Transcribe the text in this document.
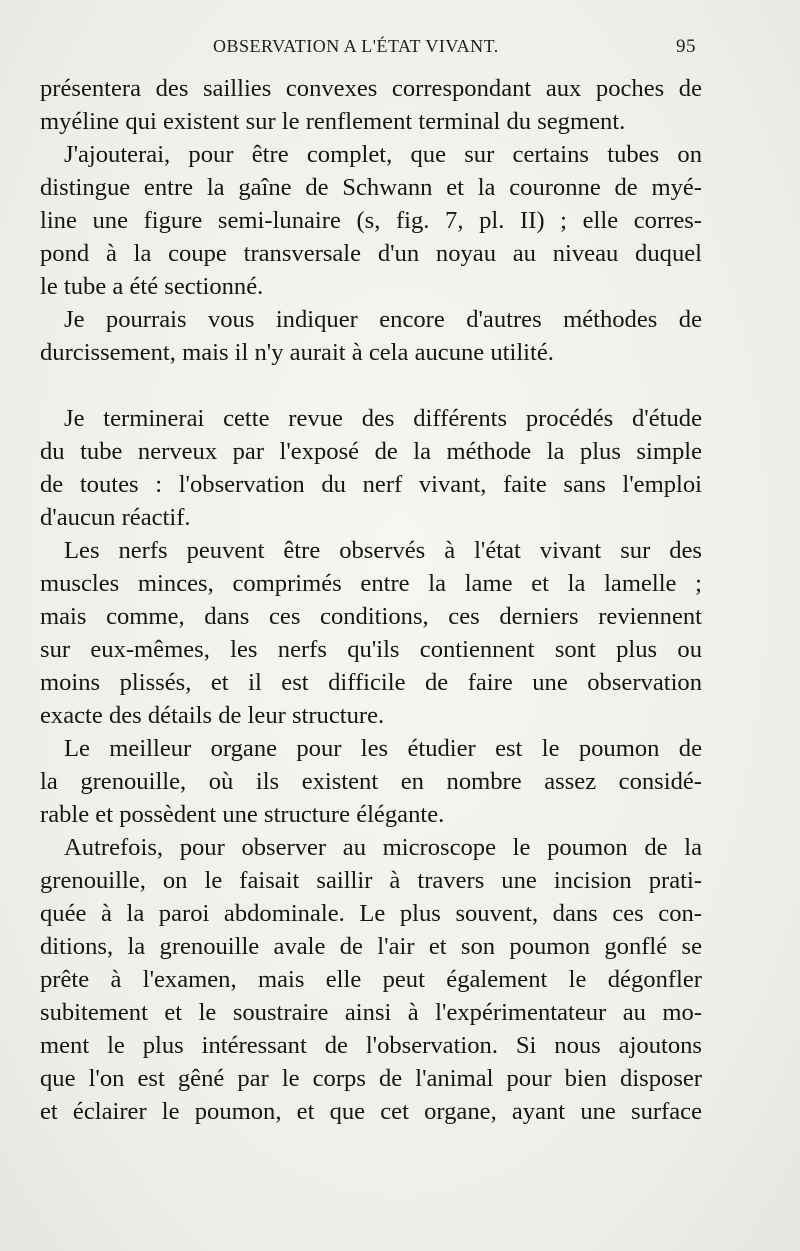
OBSERVATION A L'ÉTAT VIVANT.	95
présentera des saillies convexes correspondant aux poches de
myéline qui existent sur le renflement terminal du segment.
J'ajouterai, pour être complet, que sur certains tubes on
distingue entre la gaîne de Schwann et la couronne de myé-
line une figure semi-lunaire (s, fig. 7, pl. II) ; elle corres-
pond à la coupe transversale d'un noyau au niveau duquel
le tube a été sectionné.
Je pourrais vous indiquer encore d'autres méthodes de
durcissement, mais il n'y aurait à cela aucune utilité.
Je terminerai cette revue des différents procédés d'étude
du tube nerveux par l'exposé de la méthode la plus simple
de toutes : l'observation du nerf vivant, faite sans l'emploi
d'aucun réactif.
Les nerfs peuvent être observés à l'état vivant sur des
muscles minces, comprimés entre la lame et la lamelle ;
mais comme, dans ces conditions, ces derniers reviennent
sur eux-mêmes, les nerfs qu'ils contiennent sont plus ou
moins plissés, et il est difficile de faire une observation
exacte des détails de leur structure.
Le meilleur organe pour les étudier est le poumon de
la grenouille, où ils existent en nombre assez considé-
rable et possèdent une structure élégante.
Autrefois, pour observer au microscope le poumon de la
grenouille, on le faisait saillir à travers une incision prati-
quée à la paroi abdominale. Le plus souvent, dans ces con-
ditions, la grenouille avale de l'air et son poumon gonflé se
prête à l'examen, mais elle peut également le dégonfler
subitement et le soustraire ainsi à l'expérimentateur au mo-
ment le plus intéressant de l'observation. Si nous ajoutons
que l'on est gêné par le corps de l'animal pour bien disposer
et éclairer le poumon, et que cet organe, ayant une surface
